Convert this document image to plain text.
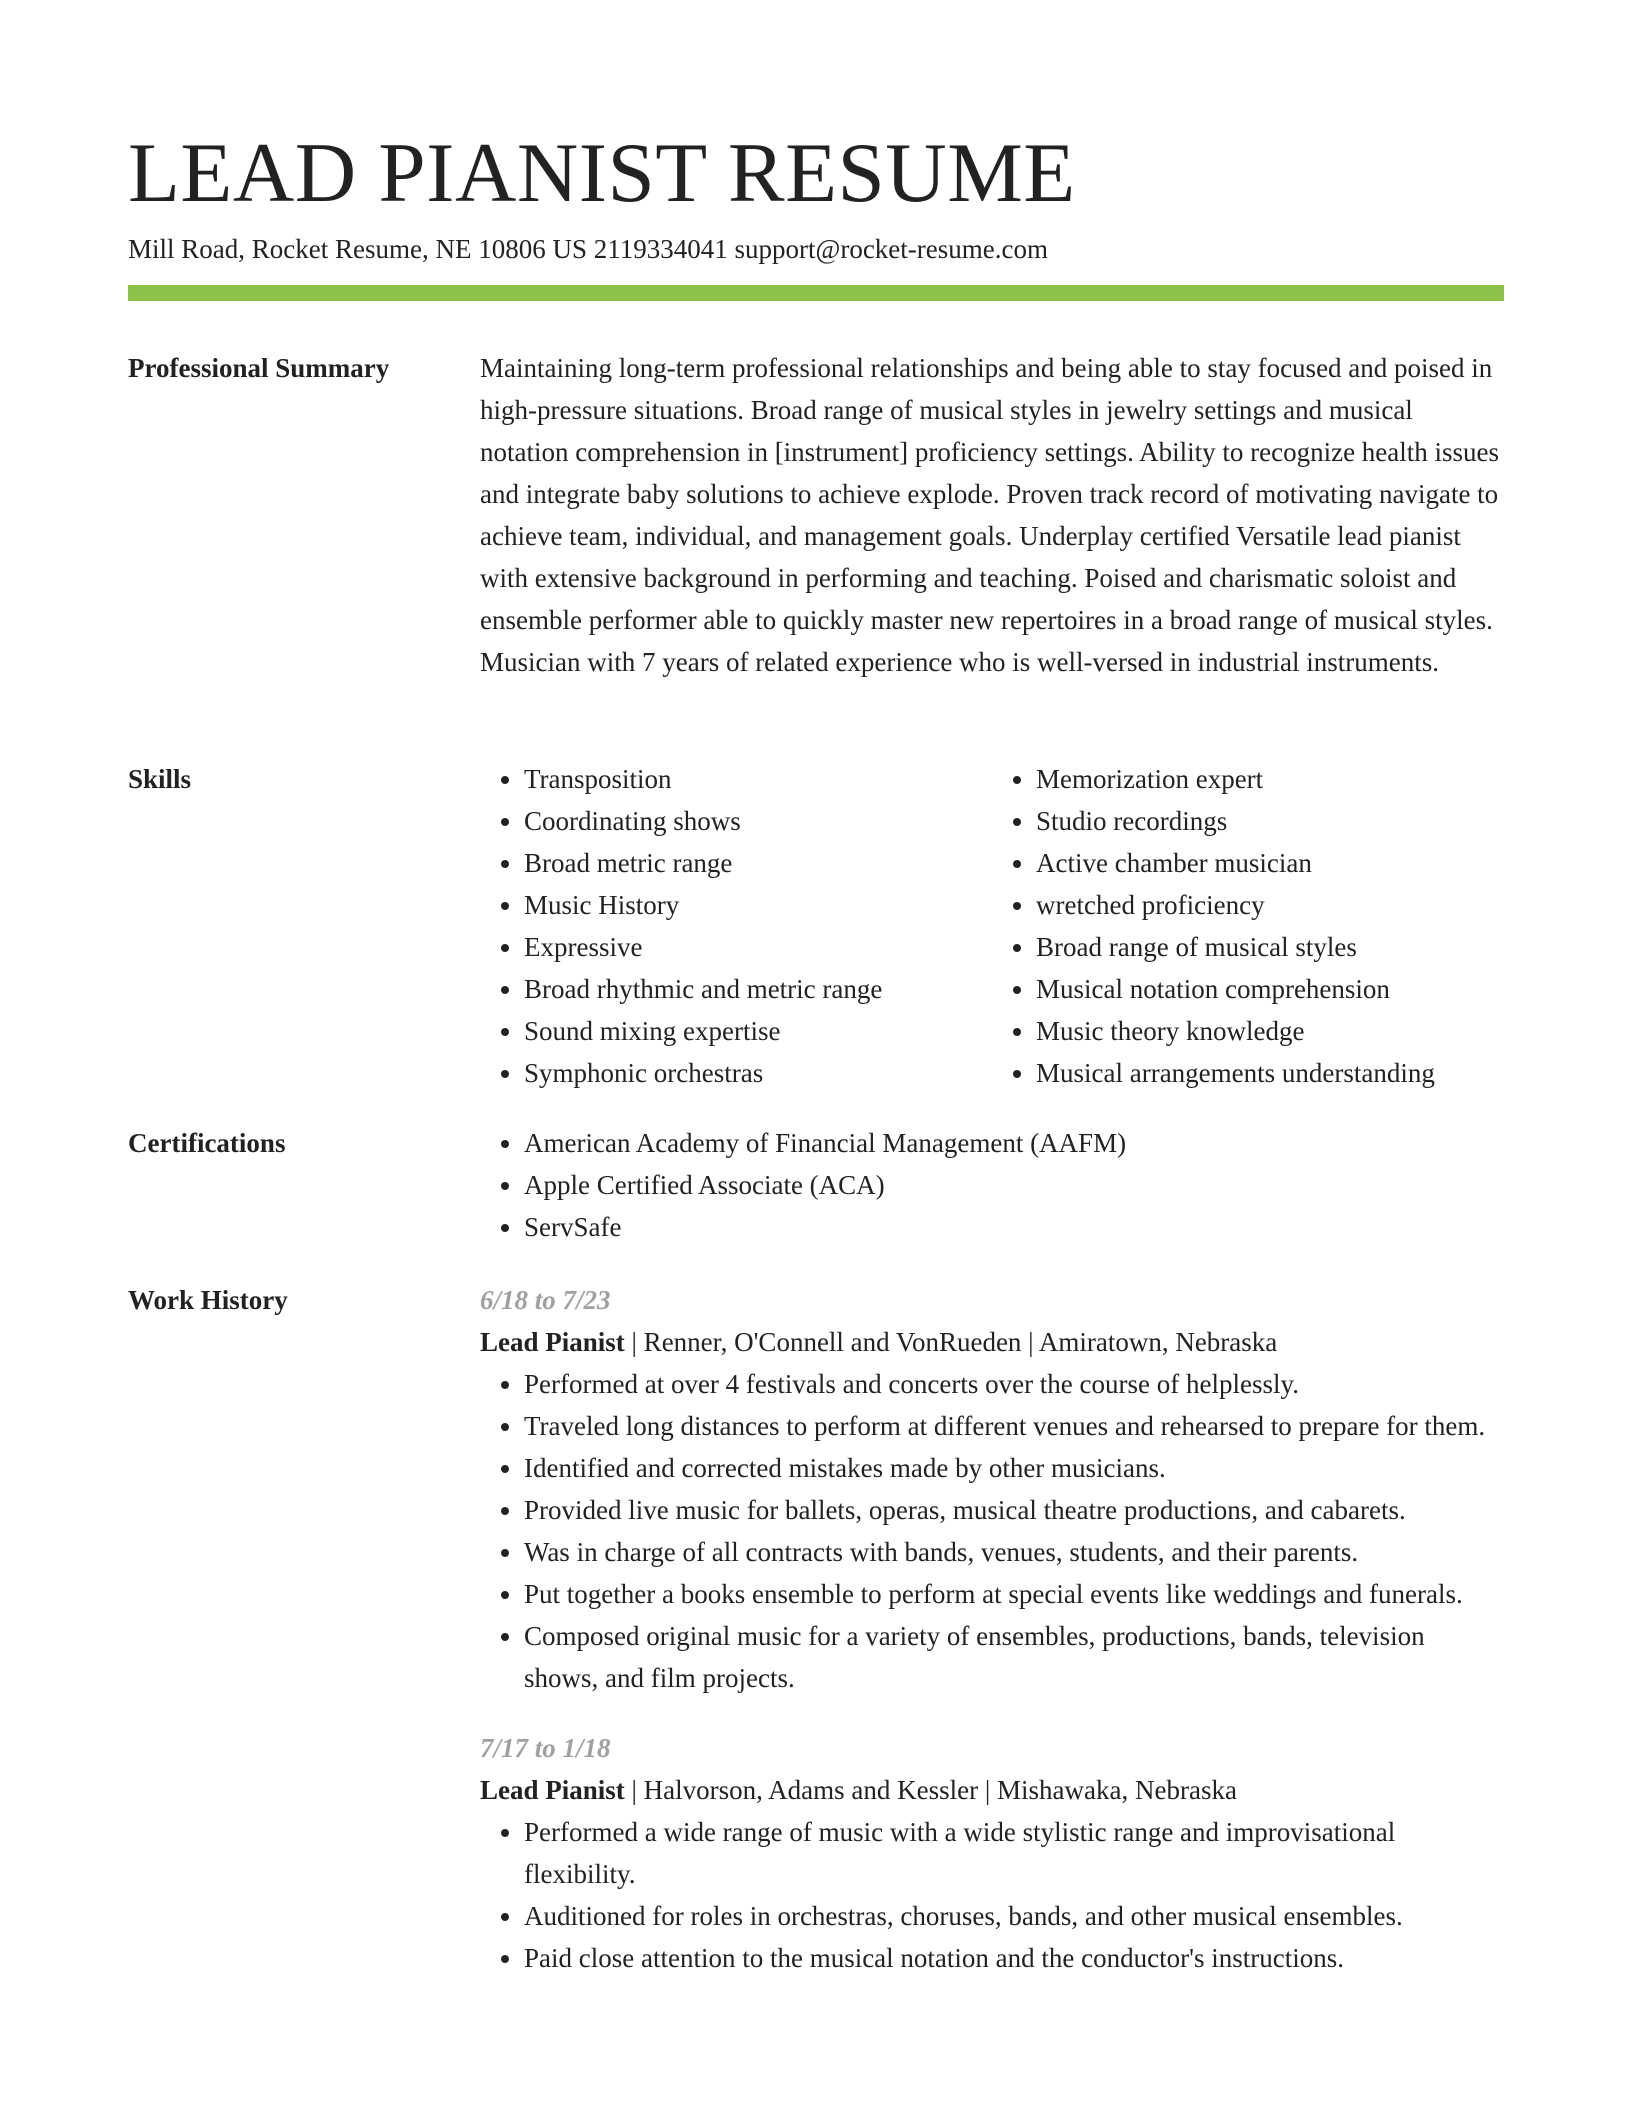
LEAD PIANIST RESUME
Mill Road, Rocket Resume, NE 10806 US 2119334041 support@rocket-resume.com
Professional Summary	Maintaining long-term professional relationships and being able to stay focused and poised in high-pressure situations. Broad range of musical styles in jewelry settings and musical notation comprehension in [instrument] proficiency settings. Ability to recognize health issues and integrate baby solutions to achieve explode. Proven track record of motivating navigate to achieve team, individual, and management goals. Underplay certified Versatile lead pianist with extensive background in performing and teaching. Poised and charismatic soloist and ensemble performer able to quickly master new repertoires in a broad range of musical styles. Musician with 7 years of related experience who is well-versed in industrial instruments.

Skills	• Transposition
• Coordinating shows
• Broad metric range
• Music History
• Expressive
• Broad rhythmic and metric range
• Sound mixing expertise
• Symphonic orchestras
• Memorization expert
• Studio recordings
• Active chamber musician
• wretched proficiency
• Broad range of musical styles
• Musical notation comprehension
• Music theory knowledge
• Musical arrangements understanding
Certifications	• American Academy of Financial Management (AAFM)
• Apple Certified Associate (ACA)
• ServSafe
Work History	6/18 to 7/23
Lead Pianist | Renner, O'Connell and VonRueden | Amiratown, Nebraska
• Performed at over 4 festivals and concerts over the course of helplessly.
• Traveled long distances to perform at different venues and rehearsed to prepare for them.
• Identified and corrected mistakes made by other musicians.
• Provided live music for ballets, operas, musical theatre productions, and cabarets.
• Was in charge of all contracts with bands, venues, students, and their parents.
• Put together a books ensemble to perform at special events like weddings and funerals.
• Composed original music for a variety of ensembles, productions, bands, television shows, and film projects.
7/17 to 1/18
Lead Pianist | Halvorson, Adams and Kessler | Mishawaka, Nebraska
• Performed a wide range of music with a wide stylistic range and improvisational flexibility.
• Auditioned for roles in orchestras, choruses, bands, and other musical ensembles.
• Paid close attention to the musical notation and the conductor's instructions.
